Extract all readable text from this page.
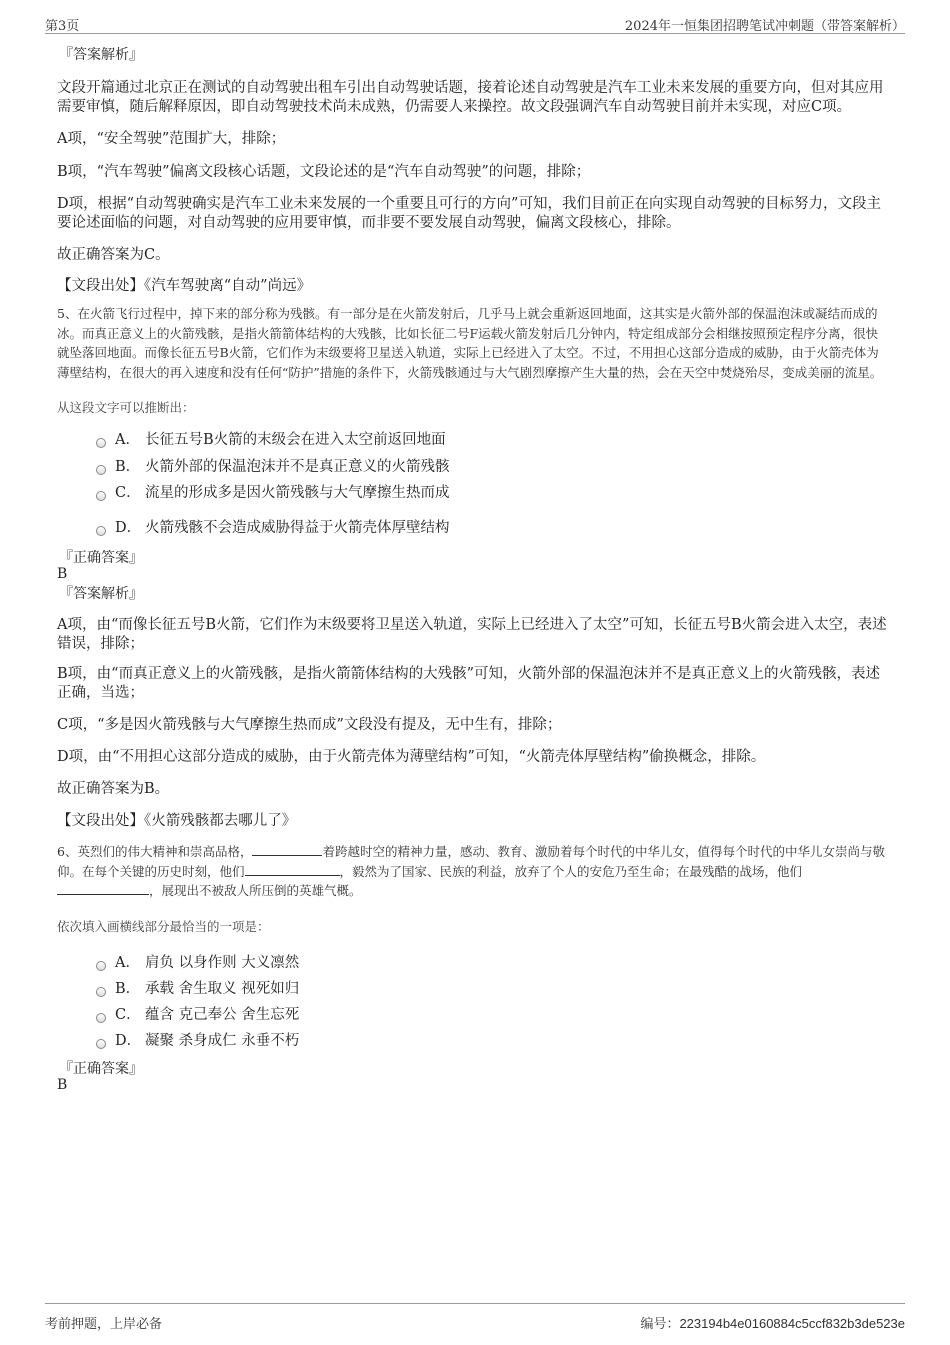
第3页	2024年一恒集团招聘笔试冲刺题（带答案解析）

『答案解析』

文段开篇通过北京正在测试的自动驾驶出租车引出自动驾驶话题，接着论述自动驾驶是汽车工业未来发展的重要方向，但对其应用需要审慎，随后解释原因，即自动驾驶技术尚未成熟，仍需要人来操控。故文段强调汽车自动驾驶目前并未实现，对应C项。

A项，“安全驾驶”范围扩大，排除；

B项，“汽车驾驶”偏离文段核心话题，文段论述的是“汽车自动驾驶”的问题，排除；

D项，根据“自动驾驶确实是汽车工业未来发展的一个重要且可行的方向”可知，我们目前正在向实现自动驾驶的目标努力，文段主要论述面临的问题，对自动驾驶的应用要审慎，而非要不要发展自动驾驶，偏离文段核心，排除。

故正确答案为C。

【文段出处】《汽车驾驶离“自动”尚远》

5、在火箭飞行过程中，掉下来的部分称为残骸。有一部分是在火箭发射后，几乎马上就会重新返回地面，这其实是火箭外部的保温泡沫或凝结而成的冰。而真正意义上的火箭残骸，是指火箭箭体结构的大残骸，比如长征二号F运载火箭发射后几分钟内，特定组成部分会相继按照预定程序分离，很快就坠落回地面。而像长征五号B火箭，它们作为末级要将卫星送入轨道，实际上已经进入了太空。不过，不用担心这部分造成的威胁，由于火箭壳体为薄壁结构，在很大的再入速度和没有任何“防护”措施的条件下，火箭残骸通过与大气剧烈摩擦产生大量的热，会在天空中焚烧殆尽，变成美丽的流星。

从这段文字可以推断出：

A． 长征五号B火箭的末级会在进入太空前返回地面
B． 火箭外部的保温泡沫并不是真正意义的火箭残骸
C． 流星的形成多是因火箭残骸与大气摩擦生热而成
D． 火箭残骸不会造成威胁得益于火箭壳体厚壁结构

『正确答案』

B

『答案解析』

A项，由“而像长征五号B火箭，它们作为末级要将卫星送入轨道，实际上已经进入了太空”可知，长征五号B火箭会进入太空，表述错误，排除；

B项，由“而真正意义上的火箭残骸，是指火箭箭体结构的大残骸”可知，火箭外部的保温泡沫并不是真正意义上的火箭残骸，表述正确，当选；

C项，“多是因火箭残骸与大气摩擦生热而成”文段没有提及，无中生有，排除；

D项，由“不用担心这部分造成的威胁，由于火箭壳体为薄壁结构”可知，“火箭壳体厚壁结构”偷换概念，排除。

故正确答案为B。

【文段出处】《火箭残骸都去哪儿了》

6、英烈们的伟大精神和崇高品格，	着跨越时空的精神力量，感动、教育、激励着每个时代的中华儿女，值得每个时代的中华儿女崇尚与敬仰。在每个关键的历史时刻，他们	，毅然为了国家、民族的利益，放弃了个人的安危乃至生命；在最残酷的战场，他们，展现出不被敌人所压倒的英雄气概。

依次填入画横线部分最恰当的一项是：

A． 肩负 以身作则 大义凛然
B． 承载 舍生取义 视死如归
C． 蕴含 克己奉公 舍生忘死
D． 凝聚 杀身成仁 永垂不朽

『正确答案』

B

考前押题，上岸必备	编号：223194b4e0160884c5ccf832b3de523e
